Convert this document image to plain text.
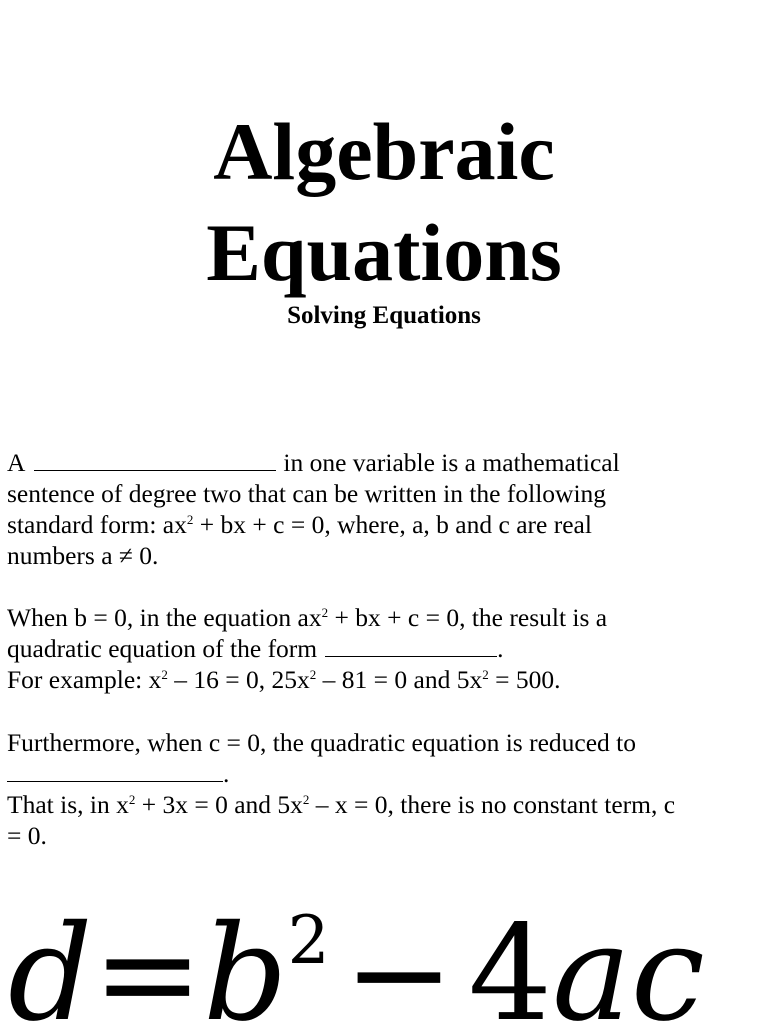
Algebraic
Equations
Solving Equations

A	in one variable is a mathematical
sentence of degree two that can be written in the following
standard form: $ax^2$ + bx + c = 0, where, a, b and c are real
numbers a ≠ 0.

When b = 0, in the equation $ax^2$ + bx + c = 0, the result is a
quadratic equation of the form	.
For example: $x^2 - 16 = 0$, $25x^2 - 81 = 0$ and $5x^2 = 500$.

Furthermore, when c = 0, the quadratic equation is reduced to
.
That is, in $x^2 + 3x = 0$ and $5x^2 - x = 0$, there is no constant term, c
= 0.

$d=b^2 - 4ac$
